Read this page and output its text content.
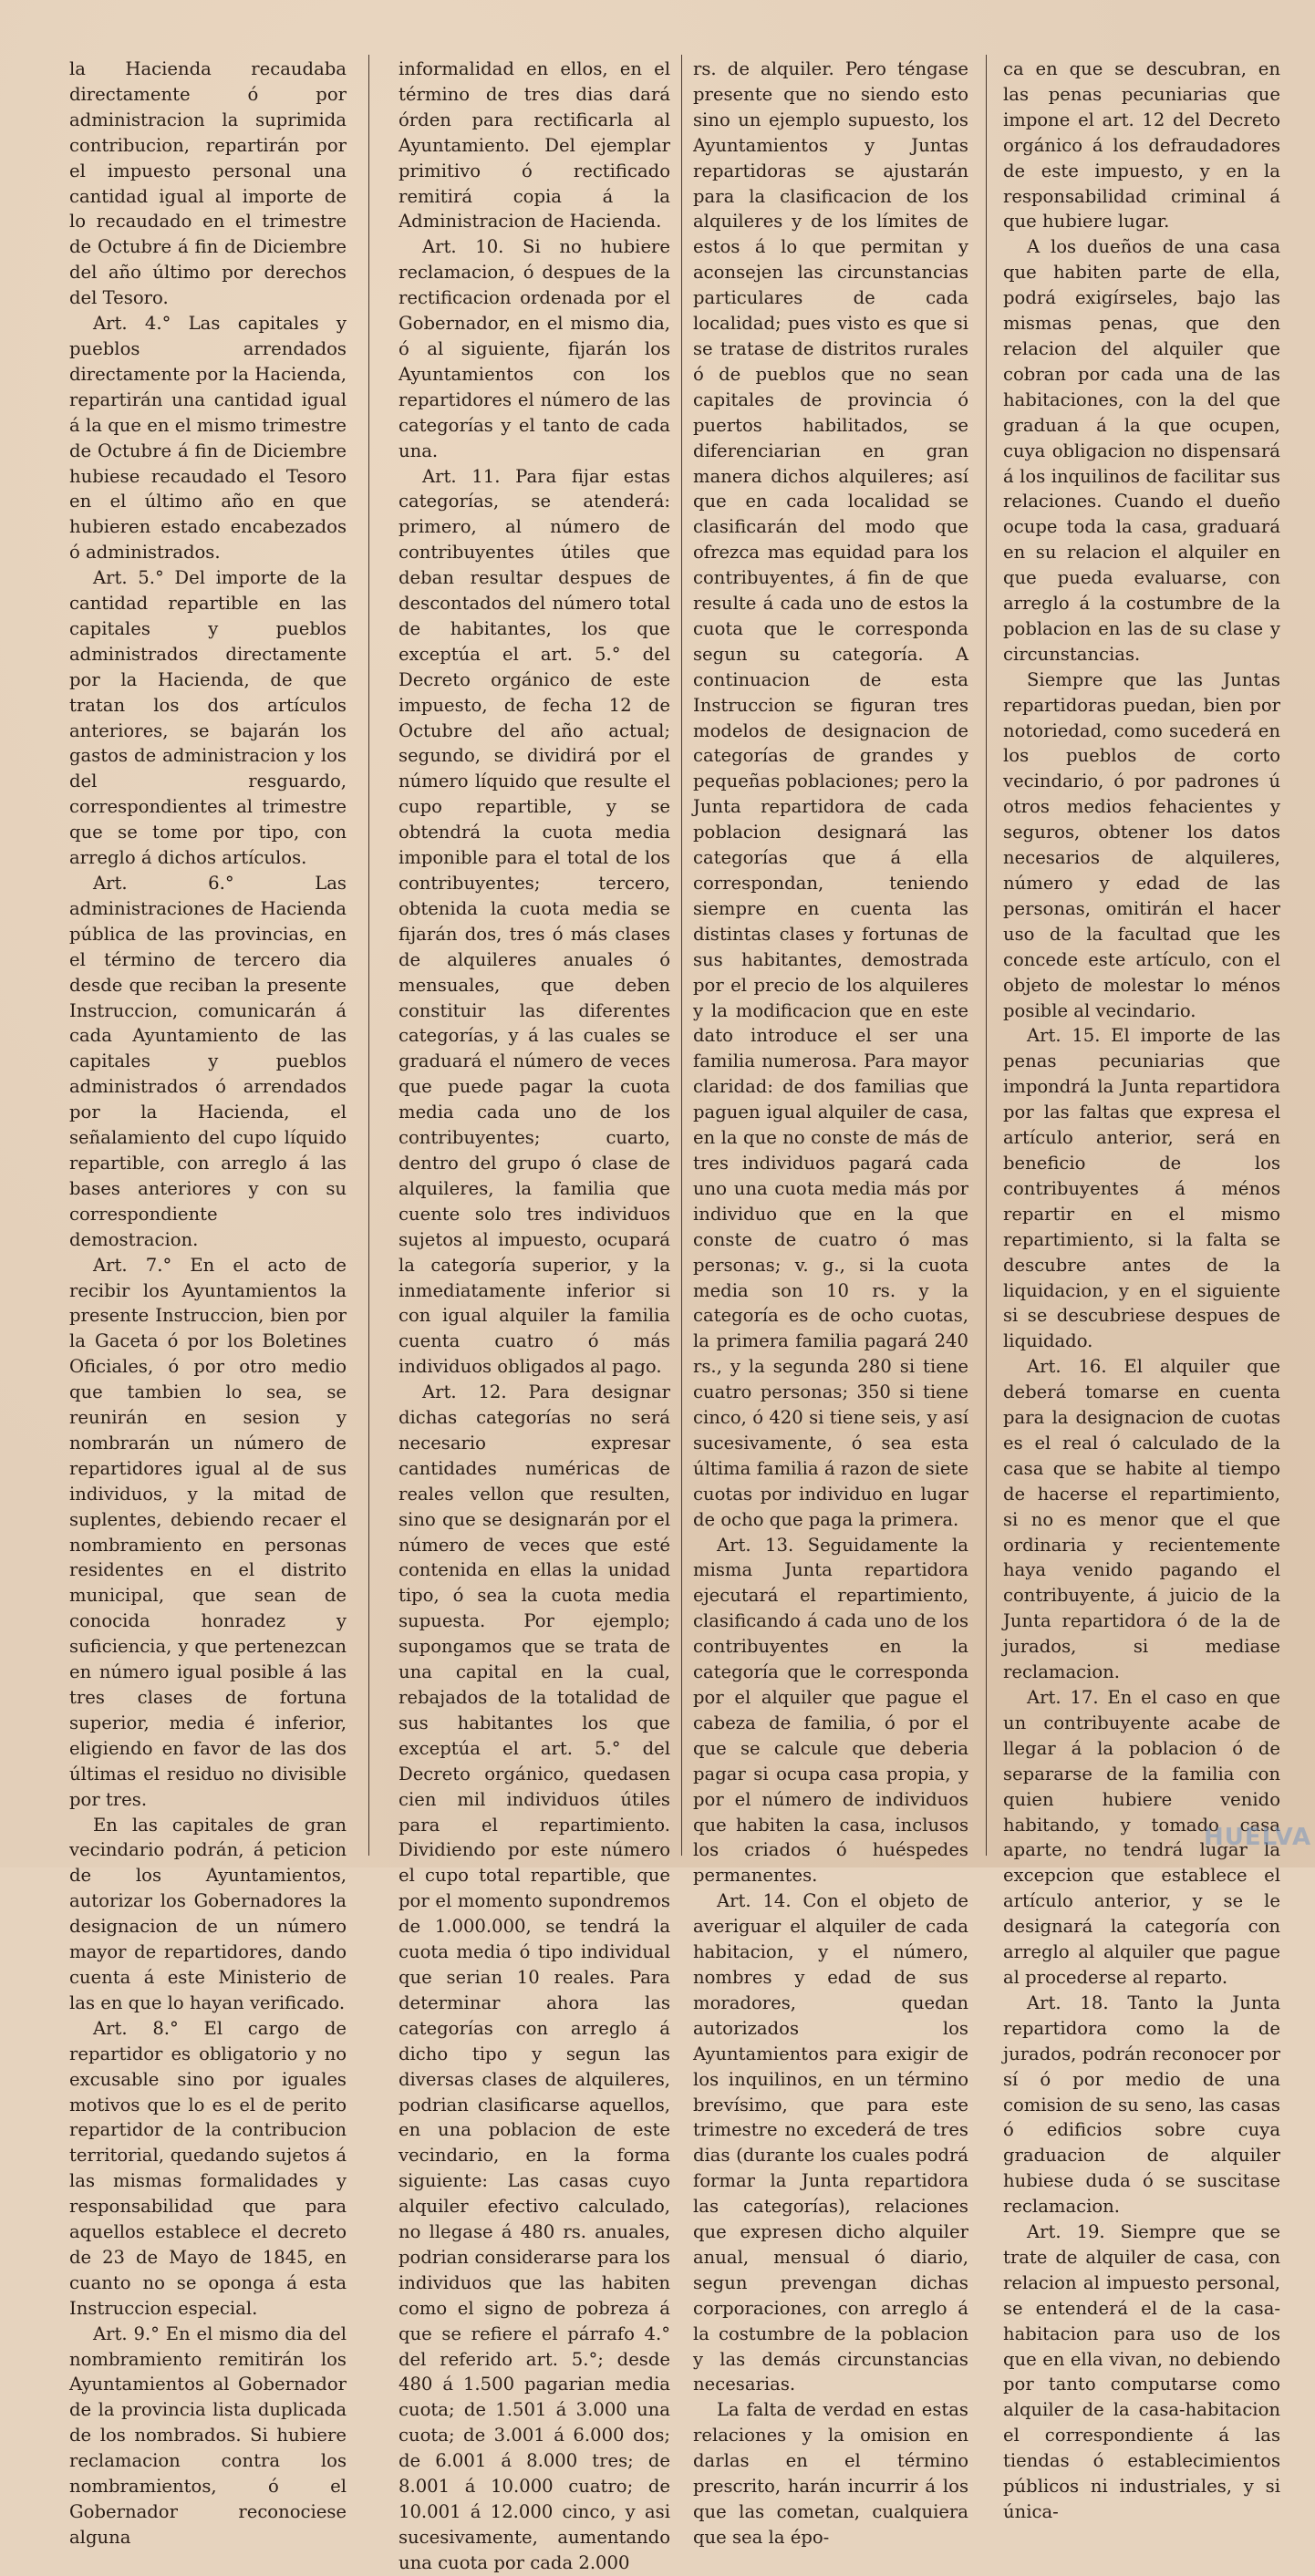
la Hacienda recaudaba directamente ó por administracion la suprimida contribucion, repartirán por el impuesto personal una cantidad igual al importe de lo recaudado en el trimestre de Octubre á fin de Diciembre del año último por derechos del Tesoro.

Art. 4.° Las capitales y pueblos arrendados directamente por la Hacienda, repartirán una cantidad igual á la que en el mismo trimestre de Octubre á fin de Diciembre hubiese recaudado el Tesoro en el último año en que hubieren estado encabezados ó administrados.

Art. 5.° Del importe de la cantidad repartible en las capitales y pueblos administrados directamente por la Hacienda, de que tratan los dos artículos anteriores, se bajarán los gastos de administracion y los del resguardo, correspondientes al trimestre que se tome por tipo, con arreglo á dichos artículos.

Art. 6.° Las administraciones de Hacienda pública de las provincias, en el término de tercero dia desde que reciban la presente Instruccion, comunicarán á cada Ayuntamiento de las capitales y pueblos administrados ó arrendados por la Hacienda, el señalamiento del cupo líquido repartible, con arreglo á las bases anteriores y con su correspondiente demostracion.

Art. 7.° En el acto de recibir los Ayuntamientos la presente Instruccion, bien por la Gaceta ó por los Boletines Oficiales, ó por otro medio que tambien lo sea, se reunirán en sesion y nombrarán un número de repartidores igual al de sus individuos, y la mitad de suplentes, debiendo recaer el nombramiento en personas residentes en el distrito municipal, que sean de conocida honradez y suficiencia, y que pertenezcan en número igual posible á las tres clases de fortuna superior, media é inferior, eligiendo en favor de las dos últimas el residuo no divisible por tres.

En las capitales de gran vecindario podrán, á peticion de los Ayuntamientos, autorizar los Gobernadores la designacion de un número mayor de repartidores, dando cuenta á este Ministerio de las en que lo hayan verificado.

Art. 8.° El cargo de repartidor es obligatorio y no excusable sino por iguales motivos que lo es el de perito repartidor de la contribucion territorial, quedando sujetos á las mismas formalidades y responsabilidad que para aquellos establece el decreto de 23 de Mayo de 1845, en cuanto no se oponga á esta Instruccion especial.

Art. 9.° En el mismo dia del nombramiento remitirán los Ayuntamientos al Gobernador de la provincia lista duplicada de los nombrados. Si hubiere reclamacion contra los nombramientos, ó el Gobernador reconociese alguna

informalidad en ellos, en el término de tres dias dará órden para rectificarla al Ayuntamiento. Del ejemplar primitivo ó rectificado remitirá copia á la Administracion de Hacienda.

Art. 10. Si no hubiere reclamacion, ó despues de la rectificacion ordenada por el Gobernador, en el mismo dia, ó al siguiente, fijarán los Ayuntamientos con los repartidores el número de las categorías y el tanto de cada una.

Art. 11. Para fijar estas categorías, se atenderá: primero, al número de contribuyentes útiles que deban resultar despues de descontados del número total de habitantes, los que exceptúa el art. 5.° del Decreto orgánico de este impuesto, de fecha 12 de Octubre del año actual; segundo, se dividirá por el número líquido que resulte el cupo repartible, y se obtendrá la cuota media imponible para el total de los contribuyentes; tercero, obtenida la cuota media se fijarán dos, tres ó más clases de alquileres anuales ó mensuales, que deben constituir las diferentes categorías, y á las cuales se graduará el número de veces que puede pagar la cuota media cada uno de los contribuyentes; cuarto, dentro del grupo ó clase de alquileres, la familia que cuente solo tres individuos sujetos al impuesto, ocupará la categoría superior, y la inmediatamente inferior si con igual alquiler la familia cuenta cuatro ó más individuos obligados al pago.

Art. 12. Para designar dichas categorías no será necesario expresar cantidades numéricas de reales vellon que resulten, sino que se designarán por el número de veces que esté contenida en ellas la unidad tipo, ó sea la cuota media supuesta. Por ejemplo; supongamos que se trata de una capital en la cual, rebajados de la totalidad de sus habitantes los que exceptúa el art. 5.° del Decreto orgánico, quedasen cien mil individuos útiles para el repartimiento. Dividiendo por este número el cupo total repartible, que por el momento supondremos de 1.000.000, se tendrá la cuota media ó tipo individual que serian 10 reales. Para determinar ahora las categorías con arreglo á dicho tipo y segun las diversas clases de alquileres, podrian clasificarse aquellos, en una poblacion de este vecindario, en la forma siguiente: Las casas cuyo alquiler efectivo calculado, no llegase á 480 rs. anuales, podrian considerarse para los individuos que las habiten como el signo de pobreza á que se refiere el párrafo 4.° del referido art. 5.°; desde 480 á 1.500 pagarian media cuota; de 1.501 á 3.000 una cuota; de 3.001 á 6.000 dos; de 6.001 á 8.000 tres; de 8.001 á 10.000 cuatro; de 10.001 á 12.000 cinco, y asi sucesivamente, aumentando una cuota por cada 2.000

rs. de alquiler. Pero téngase presente que no siendo esto sino un ejemplo supuesto, los Ayuntamientos y Juntas repartidoras se ajustarán para la clasificacion de los alquileres y de los límites de estos á lo que permitan y aconsejen las circunstancias particulares de cada localidad; pues visto es que si se tratase de distritos rurales ó de pueblos que no sean capitales de provincia ó puertos habilitados, se diferenciarian en gran manera dichos alquileres; así que en cada localidad se clasificarán del modo que ofrezca mas equidad para los contribuyentes, á fin de que resulte á cada uno de estos la cuota que le corresponda segun su categoría. A continuacion de esta Instruccion se figuran tres modelos de designacion de categorías de grandes y pequeñas poblaciones; pero la Junta repartidora de cada poblacion designará las categorías que á ella correspondan, teniendo siempre en cuenta las distintas clases y fortunas de sus habitantes, demostrada por el precio de los alquileres y la modificacion que en este dato introduce el ser una familia numerosa. Para mayor claridad: de dos familias que paguen igual alquiler de casa, en la que no conste de más de tres individuos pagará cada uno una cuota media más por individuo que en la que conste de cuatro ó mas personas; v. g., si la cuota media son 10 rs. y la categoría es de ocho cuotas, la primera familia pagará 240 rs., y la segunda 280 si tiene cuatro personas; 350 si tiene cinco, ó 420 si tiene seis, y así sucesivamente, ó sea esta última familia á razon de siete cuotas por individuo en lugar de ocho que paga la primera.

Art. 13. Seguidamente la misma Junta repartidora ejecutará el repartimiento, clasificando á cada uno de los contribuyentes en la categoría que le corresponda por el alquiler que pague el cabeza de familia, ó por el que se calcule que deberia pagar si ocupa casa propia, y por el número de individuos que habiten la casa, inclusos los criados ó huéspedes permanentes.

Art. 14. Con el objeto de averiguar el alquiler de cada habitacion, y el número, nombres y edad de sus moradores, quedan autorizados los Ayuntamientos para exigir de los inquilinos, en un término brevísimo, que para este trimestre no excederá de tres dias (durante los cuales podrá formar la Junta repartidora las categorías), relaciones que expresen dicho alquiler anual, mensual ó diario, segun prevengan dichas corporaciones, con arreglo á la costumbre de la poblacion y las demás circunstancias necesarias.

La falta de verdad en estas relaciones y la omision en darlas en el término prescrito, harán incurrir á los que las cometan, cualquiera que sea la épo-

ca en que se descubran, en las penas pecuniarias que impone el art. 12 del Decreto orgánico á los defraudadores de este impuesto, y en la responsabilidad criminal á que hubiere lugar.

A los dueños de una casa que habiten parte de ella, podrá exigírseles, bajo las mismas penas, que den relacion del alquiler que cobran por cada una de las habitaciones, con la del que graduan á la que ocupen, cuya obligacion no dispensará á los inquilinos de facilitar sus relaciones. Cuando el dueño ocupe toda la casa, graduará en su relacion el alquiler en que pueda evaluarse, con arreglo á la costumbre de la poblacion en las de su clase y circunstancias.

Siempre que las Juntas repartidoras puedan, bien por notoriedad, como sucederá en los pueblos de corto vecindario, ó por padrones ú otros medios fehacientes y seguros, obtener los datos necesarios de alquileres, número y edad de las personas, omitirán el hacer uso de la facultad que les concede este artículo, con el objeto de molestar lo ménos posible al vecindario.

Art. 15. El importe de las penas pecuniarias que impondrá la Junta repartidora por las faltas que expresa el artículo anterior, será en beneficio de los contribuyentes á ménos repartir en el mismo repartimiento, si la falta se descubre antes de la liquidacion, y en el siguiente si se descubriese despues de liquidado.

Art. 16. El alquiler que deberá tomarse en cuenta para la designacion de cuotas es el real ó calculado de la casa que se habite al tiempo de hacerse el repartimiento, si no es menor que el que ordinaria y recientemente haya venido pagando el contribuyente, á juicio de la Junta repartidora ó de la de jurados, si mediase reclamacion.

Art. 17. En el caso en que un contribuyente acabe de llegar á la poblacion ó de separarse de la familia con quien hubiere venido habitando, y tomado casa aparte, no tendrá lugar la excepcion que establece el artículo anterior, y se le designará la categoría con arreglo al alquiler que pague al procederse al reparto.

Art. 18. Tanto la Junta repartidora como la de jurados, podrán reconocer por sí ó por medio de una comision de su seno, las casas ó edificios sobre cuya graduacion de alquiler hubiese duda ó se suscitase reclamacion.

Art. 19. Siempre que se trate de alquiler de casa, con relacion al impuesto personal, se entenderá el de la casa-habitacion para uso de los que en ella vivan, no debiendo por tanto computarse como alquiler de la casa-habitacion el correspondiente á las tiendas ó establecimientos públicos ni industriales, y si única-

HUELVA
